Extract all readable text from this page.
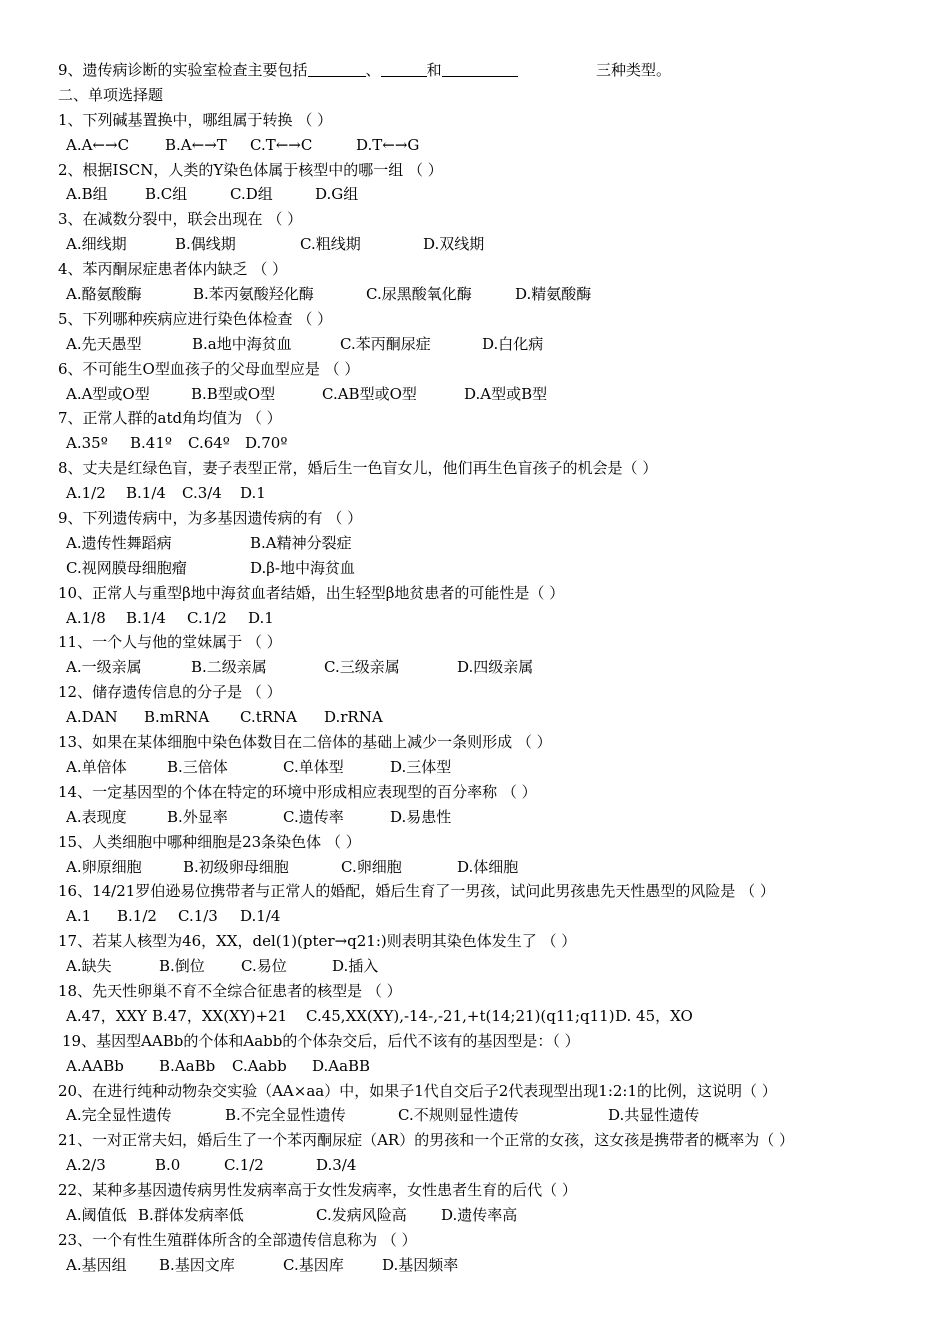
9、遗传病诊断的实验室检查主要包括	、	和	三种类型。
二、单项选择题
1、下列碱基置换中，哪组属于转换 （ ）
A.A←→C B.A←→T C.T←→C	D.T←→G
2、根据ISCN，人类的Y染色体属于核型中的哪一组 （ ）
A.B组 B.C组	C.D组	D.G组
3、在减数分裂中，联会出现在 （ ）
A.细线期	B.偶线期	C.粗线期	D.双线期
4、苯丙酮尿症患者体内缺乏 （ ）
A.酪氨酸酶	B.苯丙氨酸羟化酶	C.尿黑酸氧化酶	D.精氨酸酶
5、下列哪种疾病应进行染色体检查 （ ）
A.先天愚型	B.a地中海贫血	C.苯丙酮尿症	D.白化病
6、不可能生O型血孩子的父母血型应是 （ ）
A.A型或O型	B.B型或O型	C.AB型或O型	D.A型或B型
7、正常人群的atd角均值为 （ ）
A.35º B.41º C.64º D.70º
8、丈夫是红绿色盲，妻子表型正常，婚后生一色盲女儿，他们再生色盲孩子的机会是（ ）
A.1/2 B.1/4 C.3/4 D.1
9、下列遗传病中，为多基因遗传病的有 （ ）
A.遗传性舞蹈病	B.A精神分裂症
C.视网膜母细胞瘤	D.β-地中海贫血
10、正常人与重型β地中海贫血者结婚，出生轻型β地贫患者的可能性是（ ）
A.1/8 B.1/4 C.1/2 D.1
11、一个人与他的堂妹属于 （ ）
A.一级亲属	B.二级亲属	C.三级亲属	D.四级亲属
12、储存遗传信息的分子是 （ ）
A.DAN B.mRNA C.tRNA D.rRNA
13、如果在某体细胞中染色体数目在二倍体的基础上减少一条则形成 （ ）
A.单倍体	B.三倍体	C.单体型	D.三体型
14、一定基因型的个体在特定的环境中形成相应表现型的百分率称 （ ）
A.表现度	B.外显率	C.遗传率	D.易患性
15、人类细胞中哪种细胞是23条染色体 （ ）
A.卵原细胞	B.初级卵母细胞	C.卵细胞	D.体细胞
16、14/21罗伯逊易位携带者与正常人的婚配，婚后生育了一男孩，试问此男孩患先天性愚型的风险是 （ ）
A.1 B.1/2 C.1/3 D.1/4
17、若某人核型为46，XX，del(1)(pter→q21:)则表明其染色体发生了 （ ）
A.缺失	B.倒位 C.易位	D.插入
18、先天性卵巢不育不全综合征患者的核型是 （ ）
A.47，XXY B.47，XX(XY)+21 C.45,XX(XY),-14-,-21,+t(14;21)(q11;q11) D. 45，XO
19、基因型AABb的个体和Aabb的个体杂交后，后代不该有的基因型是：（ ）
A.AABb B.AaBb C.Aabb D.AaBB
20、在进行纯种动物杂交实验（AA×aa）中，如果子1代自交后子2代表现型出现1:2:1的比例，这说明（ ）
A.完全显性遗传	B.不完全显性遗传	C.不规则显性遗传	D.共显性遗传
21、一对正常夫妇，婚后生了一个苯丙酮尿症（AR）的男孩和一个正常的女孩，这女孩是携带者的概率为（ ）
A.2/3	B.0	C.1/2	D.3/4
22、某种多基因遗传病男性发病率高于女性发病率，女性患者生育的后代（ ）
A.阈值低 B.群体发病率低	C.发病风险高 D.遗传率高
23、一个有性生殖群体所含的全部遗传信息称为 （ ）
A.基因组 B.基因文库	C.基因库	D.基因频率
